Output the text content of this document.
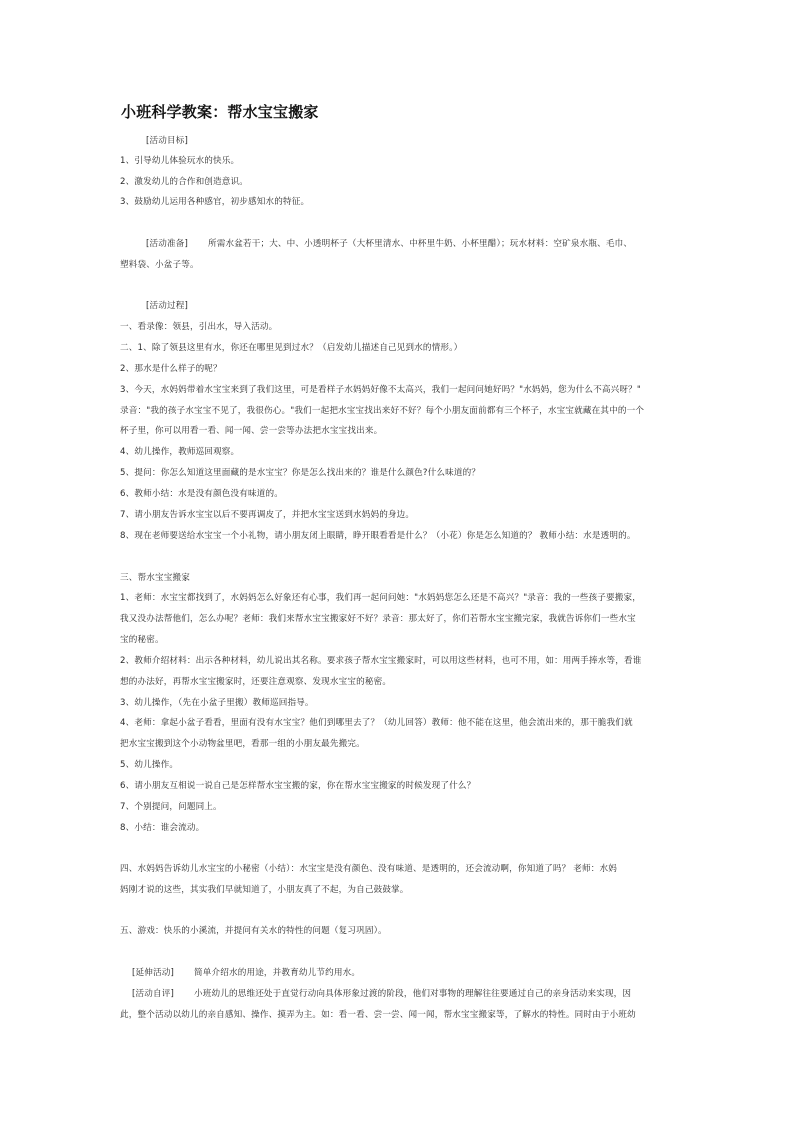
小班科学教案：帮水宝宝搬家
[活动目标]
1、引导幼儿体验玩水的快乐。
2、激发幼儿的合作和创造意识。
3、鼓励幼儿运用各种感官，初步感知水的特征。
[活动准备] 所需水盆若干；大、中、小透明杯子（大杯里清水、中杯里牛奶、小杯里醋）；玩水材料：空矿泉水瓶、毛巾、
塑料袋、小盆子等。
[活动过程]
一、看录像：领县，引出水，导入活动。
二、1、除了领县这里有水，你还在哪里见到过水？（启发幼儿描述自己见到水的情形。）
2、那水是什么样子的呢？
3、今天，水妈妈带着水宝宝来到了我们这里，可是看样子水妈妈好像不太高兴，我们一起问问她好吗？"水妈妈，您为什么不高兴呀？"
录音："我的孩子水宝宝不见了，我很伤心。"我们一起把水宝宝找出来好不好？每个小朋友面前都有三个杯子，水宝宝就藏在其中的一个
杯子里，你可以用看一看、闻一闻、尝一尝等办法把水宝宝找出来。
4、幼儿操作，教师巡回观察。
5、提问：你怎么知道这里面藏的是水宝宝？你是怎么找出来的？谁是什么颜色?什么味道的？
6、教师小结：水是没有颜色没有味道的。
7、请小朋友告诉水宝宝以后不要再调皮了，并把水宝宝送到水妈妈的身边。
8、现在老师要送给水宝宝一个小礼物，请小朋友闭上眼睛，睁开眼看看是什么？（小花）你是怎么知道的？ 教师小结：水是透明的。
三、帮水宝宝搬家
1、老师：水宝宝都找到了，水妈妈怎么好象还有心事，我们再一起问问她："水妈妈您怎么还是不高兴？"录音：我的一些孩子要搬家，
我又没办法帮他们，怎么办呢？老师：我们来帮水宝宝搬家好不好？录音：那太好了，你们若帮水宝宝搬完家，我就告诉你们一些水宝
宝的秘密。
2、教师介绍材料：出示各种材料，幼儿说出其名称。要求孩子帮水宝宝搬家时，可以用这些材料，也可不用，如：用两手捧水等，看谁
想的办法好，再帮水宝宝搬家时，还要注意观察、发现水宝宝的秘密。
3、幼儿操作，（先在小盆子里搬）教师巡回指导。
4、老师：拿起小盆子看看，里面有没有水宝宝？他们到哪里去了？（幼儿回答）教师：他不能在这里，他会流出来的，那干脆我们就
把水宝宝搬到这个小动物盆里吧，看那一组的小朋友最先搬完。
5、幼儿操作。
6、请小朋友互相说一说自己是怎样帮水宝宝搬的家，你在帮水宝宝搬家的时候发现了什么？
7、个别提问，问题同上。
8、小结：谁会流动。
四、水妈妈告诉幼儿水宝宝的小秘密（小结）：水宝宝是没有颜色、没有味道、是透明的，还会流动啊，你知道了吗？ 老师：水妈
妈刚才说的这些，其实我们早就知道了，小朋友真了不起，为自己鼓鼓掌。
五、游戏：快乐的小溪流，并提问有关水的特性的问题（复习巩固）。
[延伸活动] 简单介绍水的用途，并教育幼儿节约用水。
[活动自评] 小班幼儿的思维还处于直觉行动向具体形象过渡的阶段，他们对事物的理解往往要通过自己的亲身活动来实现，因
此，整个活动以幼儿的亲自感知、操作、摸弄为主。如：看一看、尝一尝、闻一闻，帮水宝宝搬家等，了解水的特性。同时由于小班幼
